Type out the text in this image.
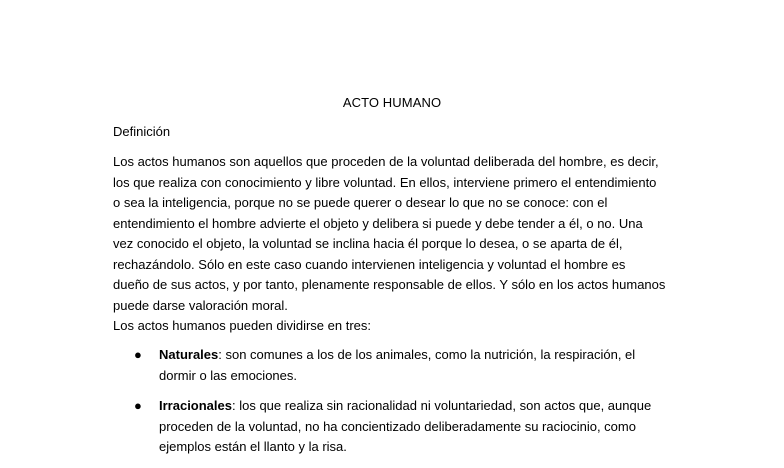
ACTO HUMANO
Definición
Los actos humanos son aquellos que proceden de la voluntad deliberada del hombre, es decir,
los que realiza con conocimiento y libre voluntad. En ellos, interviene primero el entendimiento
o sea la inteligencia, porque no se puede querer o desear lo que no se conoce: con el
entendimiento el hombre advierte el objeto y delibera si puede y debe tender a él, o no. Una
vez conocido el objeto, la voluntad se inclina hacia él porque lo desea, o se aparta de él,
rechazándolo. Sólo en este caso cuando intervienen inteligencia y voluntad el hombre es
dueño de sus actos, y por tanto, plenamente responsable de ellos. Y sólo en los actos humanos
puede darse valoración moral.
Los actos humanos pueden dividirse en tres:
● Naturales: son comunes a los de los animales, como la nutrición, la respiración, el
dormir o las emociones.
● Irracionales: los que realiza sin racionalidad ni voluntariedad, son actos que, aunque
proceden de la voluntad, no ha concientizado deliberadamente su raciocinio, como
ejemplos están el llanto y la risa.
